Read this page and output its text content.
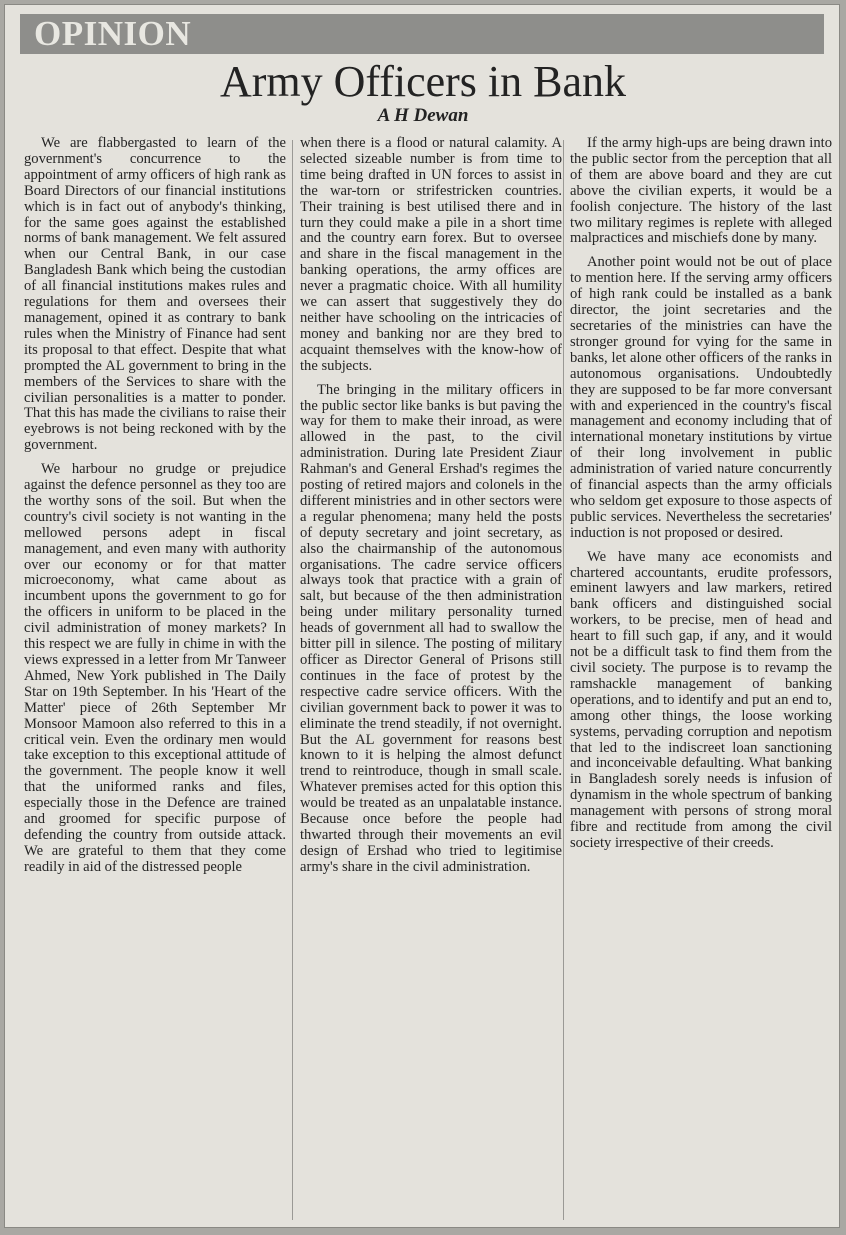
OPINION
Army Officers in Bank
A H Dewan

We are flabbergasted to learn of the government's concurrence to the appointment of army officers of high rank as Board Directors of our financial institutions which is in fact out of anybody's thinking, for the same goes against the established norms of bank management. We felt assured when our Central Bank, in our case Bangladesh Bank which being the custodian of all financial institutions makes rules and regulations for them and oversees their management, opined it as contrary to bank rules when the Ministry of Finance had sent its proposal to that effect. Despite that what prompted the AL government to bring in the members of the Services to share with the civilian personalities is a matter to ponder. That this has made the civilians to raise their eyebrows is not being reckoned with by the government.

We harbour no grudge or prejudice against the defence personnel as they too are the worthy sons of the soil. But when the country's civil society is not wanting in the mellowed persons adept in fiscal management, and even many with authority over our economy or for that matter microeconomy, what came about as incumbent upons the government to go for the officers in uniform to be placed in the civil administration of money markets? In this respect we are fully in chime in with the views expressed in a letter from Mr Tanweer Ahmed, New York published in The Daily Star on 19th September. In his 'Heart of the Matter' piece of 26th September Mr Monsoor Mamoon also referred to this in a critical vein. Even the ordinary men would take exception to this exceptional attitude of the government. The people know it well that the uniformed ranks and files, especially those in the Defence are trained and groomed for specific purpose of defending the country from outside attack. We are grateful to them that they come readily in aid of the distressed people

when there is a flood or natural calamity. A selected sizeable number is from time to time being drafted in UN forces to assist in the war-torn or strifestricken countries. Their training is best utilised there and in turn they could make a pile in a short time and the country earn forex. But to oversee and share in the fiscal management in the banking operations, the army offices are never a pragmatic choice. With all humility we can assert that suggestively they do neither have schooling on the intricacies of money and banking nor are they bred to acquaint themselves with the know-how of the subjects.

The bringing in the military officers in the public sector like banks is but paving the way for them to make their inroad, as were allowed in the past, to the civil administration. During late President Ziaur Rahman's and General Ershad's regimes the posting of retired majors and colonels in the different ministries and in other sectors were a regular phenomena; many held the posts of deputy secretary and joint secretary, as also the chairmanship of the autonomous organisations. The cadre service officers always took that practice with a grain of salt, but because of the then administration being under military personality turned heads of government all had to swallow the bitter pill in silence. The posting of military officer as Director General of Prisons still continues in the face of protest by the respective cadre service officers. With the civilian government back to power it was to eliminate the trend steadily, if not overnight. But the AL government for reasons best known to it is helping the almost defunct trend to reintroduce, though in small scale. Whatever premises acted for this option this would be treated as an unpalatable instance. Because once before the people had thwarted through their movements an evil design of Ershad who tried to legitimise army's share in the civil administration.

If the army high-ups are being drawn into the public sector from the perception that all of them are above board and they are cut above the civilian experts, it would be a foolish conjecture. The history of the last two military regimes is replete with alleged malpractices and mischiefs done by many.

Another point would not be out of place to mention here. If the serving army officers of high rank could be installed as a bank director, the joint secretaries and the secretaries of the ministries can have the stronger ground for vying for the same in banks, let alone other officers of the ranks in autonomous organisations. Undoubtedly they are supposed to be far more conversant with and experienced in the country's fiscal management and economy including that of international monetary institutions by virtue of their long involvement in public administration of varied nature concurrently of financial aspects than the army officials who seldom get exposure to those aspects of public services. Nevertheless the secretaries' induction is not proposed or desired.

We have many ace economists and chartered accountants, erudite professors, eminent lawyers and law markers, retired bank officers and distinguished social workers, to be precise, men of head and heart to fill such gap, if any, and it would not be a difficult task to find them from the civil society. The purpose is to revamp the ramshackle management of banking operations, and to identify and put an end to, among other things, the loose working systems, pervading corruption and nepotism that led to the indiscreet loan sanctioning and inconceivable defaulting. What banking in Bangladesh sorely needs is infusion of dynamism in the whole spectrum of banking management with persons of strong moral fibre and rectitude from among the civil society irrespective of their creeds.
